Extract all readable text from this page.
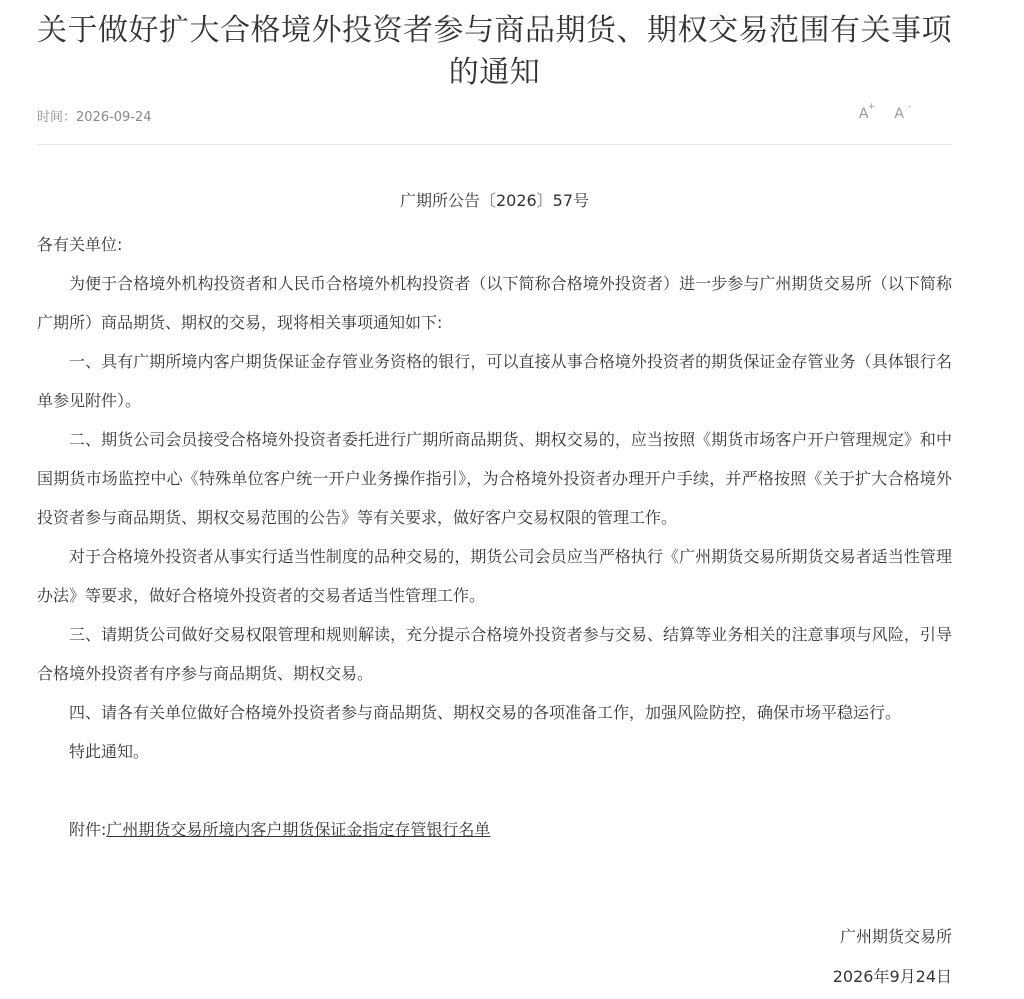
关于做好扩大合格境外投资者参与商品期货、期权交易范围有关事项的通知
时间：2026-09-24	A + A -
广期所公告〔2026〕57号

各有关单位:

为便于合格境外机构投资者和人民币合格境外机构投资者（以下简称合格境外投资者）进一步参与广州期货交易所（以下简称广期所）商品期货、期权的交易，现将相关事项通知如下:

一、具有广期所境内客户期货保证金存管业务资格的银行，可以直接从事合格境外投资者的期货保证金存管业务（具体银行名单参见附件）。

二、期货公司会员接受合格境外投资者委托进行广期所商品期货、期权交易的，应当按照《期货市场客户开户管理规定》和中国期货市场监控中心《特殊单位客户统一开户业务操作指引》，为合格境外投资者办理开户手续，并严格按照《关于扩大合格境外投资者参与商品期货、期权交易范围的公告》等有关要求，做好客户交易权限的管理工作。

对于合格境外投资者从事实行适当性制度的品种交易的，期货公司会员应当严格执行《广州期货交易所期货交易者适当性管理办法》等要求，做好合格境外投资者的交易者适当性管理工作。

三、请期货公司做好交易权限管理和规则解读，充分提示合格境外投资者参与交易、结算等业务相关的注意事项与风险，引导合格境外投资者有序参与商品期货、期权交易。

四、请各有关单位做好合格境外投资者参与商品期货、期权交易的各项准备工作，加强风险防控，确保市场平稳运行。

特此通知。

附件:广州期货交易所境内客户期货保证金指定存管银行名单

广州期货交易所
2026年9月24日
